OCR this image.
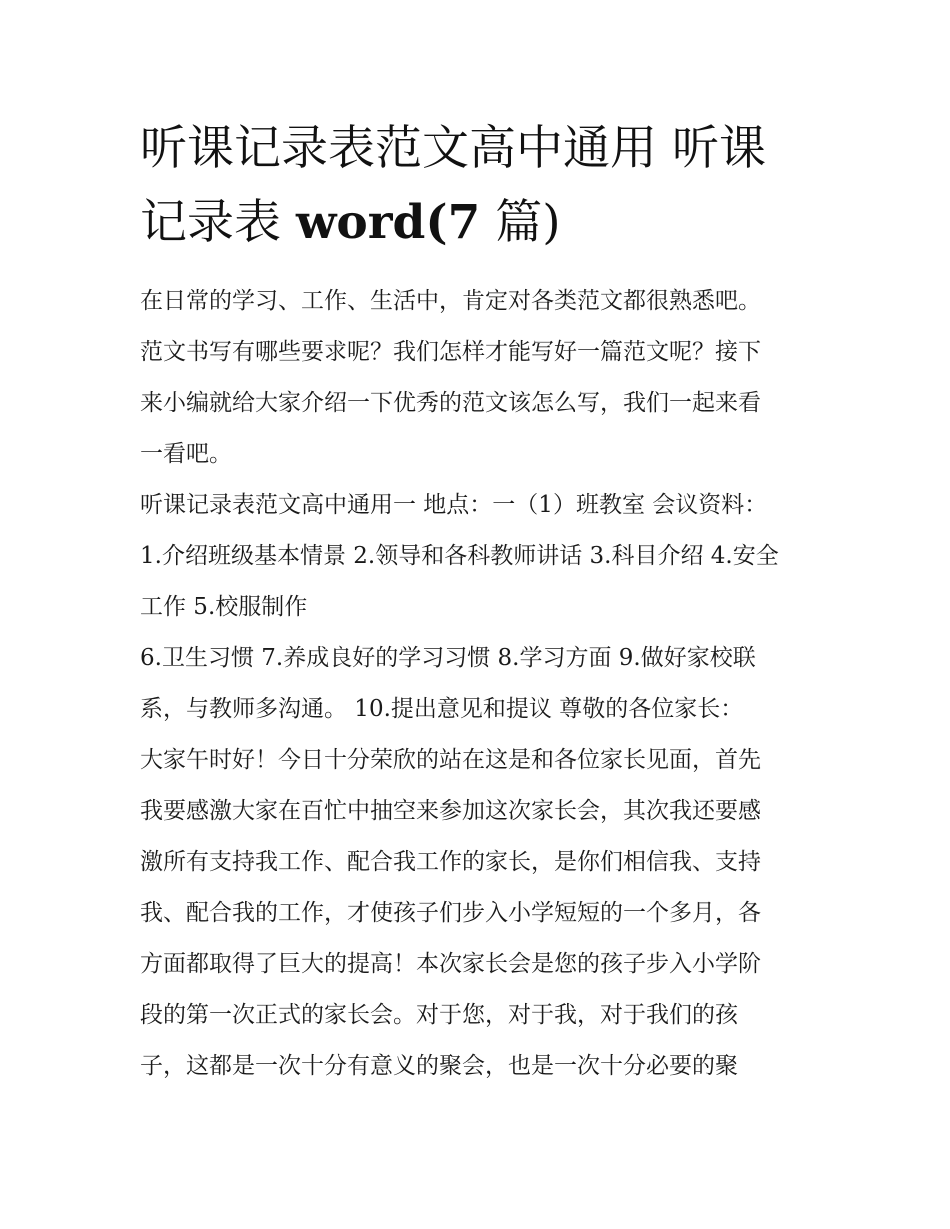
听课记录表范文高中通用 听课
记录表 word(7 篇)
在日常的学习、工作、生活中，肯定对各类范文都很熟悉吧。
范文书写有哪些要求呢？我们怎样才能写好一篇范文呢？接下
来小编就给大家介绍一下优秀的范文该怎么写，我们一起来看
一看吧。
听课记录表范文高中通用一 地点：一（1）班教室 会议资料：
1.介绍班级基本情景 2.领导和各科教师讲话 3.科目介绍 4.安全
工作 5.校服制作
6.卫生习惯 7.养成良好的学习习惯 8.学习方面 9.做好家校联
系，与教师多沟通。 10.提出意见和提议 尊敬的各位家长：
大家午时好！今日十分荣欣的站在这是和各位家长见面，首先
我要感激大家在百忙中抽空来参加这次家长会，其次我还要感
激所有支持我工作、配合我工作的家长，是你们相信我、支持
我、配合我的工作，才使孩子们步入小学短短的一个多月，各
方面都取得了巨大的提高！本次家长会是您的孩子步入小学阶
段的第一次正式的家长会。对于您，对于我，对于我们的孩
子，这都是一次十分有意义的聚会，也是一次十分必要的聚
